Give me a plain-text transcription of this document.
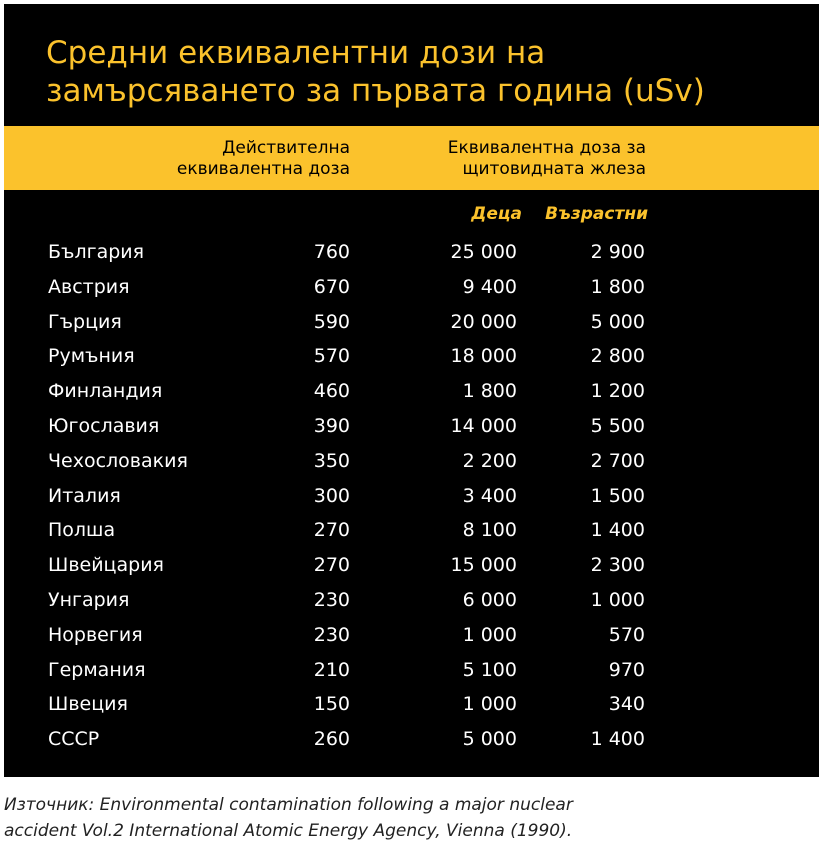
Средни еквивалентни дози на
замърсяването за първата година (uSv)
Действителна
еквивалентна доза
Еквивалентна доза за
щитовидната жлеза
Деца	Възрастни
България	760	25 000	2 900
Австрия	670	9 400	1 800
Гърция	590	20 000	5 000
Румъния	570	18 000	2 800
Финландия	460	1 800	1 200
Югославия	390	14 000	5 500
Чехословакия	350	2 200	2 700
Италия	300	3 400	1 500
Полша	270	8 100	1 400
Швейцария	270	15 000	2 300
Унгария	230	6 000	1 000
Норвегия	230	1 000	570
Германия	210	5 100	970
Швеция	150	1 000	340
СССР	260	5 000	1 400
Източник: Environmental contamination following a major nuclear
accident Vol.2 International Atomic Energy Agency, Vienna (1990).
